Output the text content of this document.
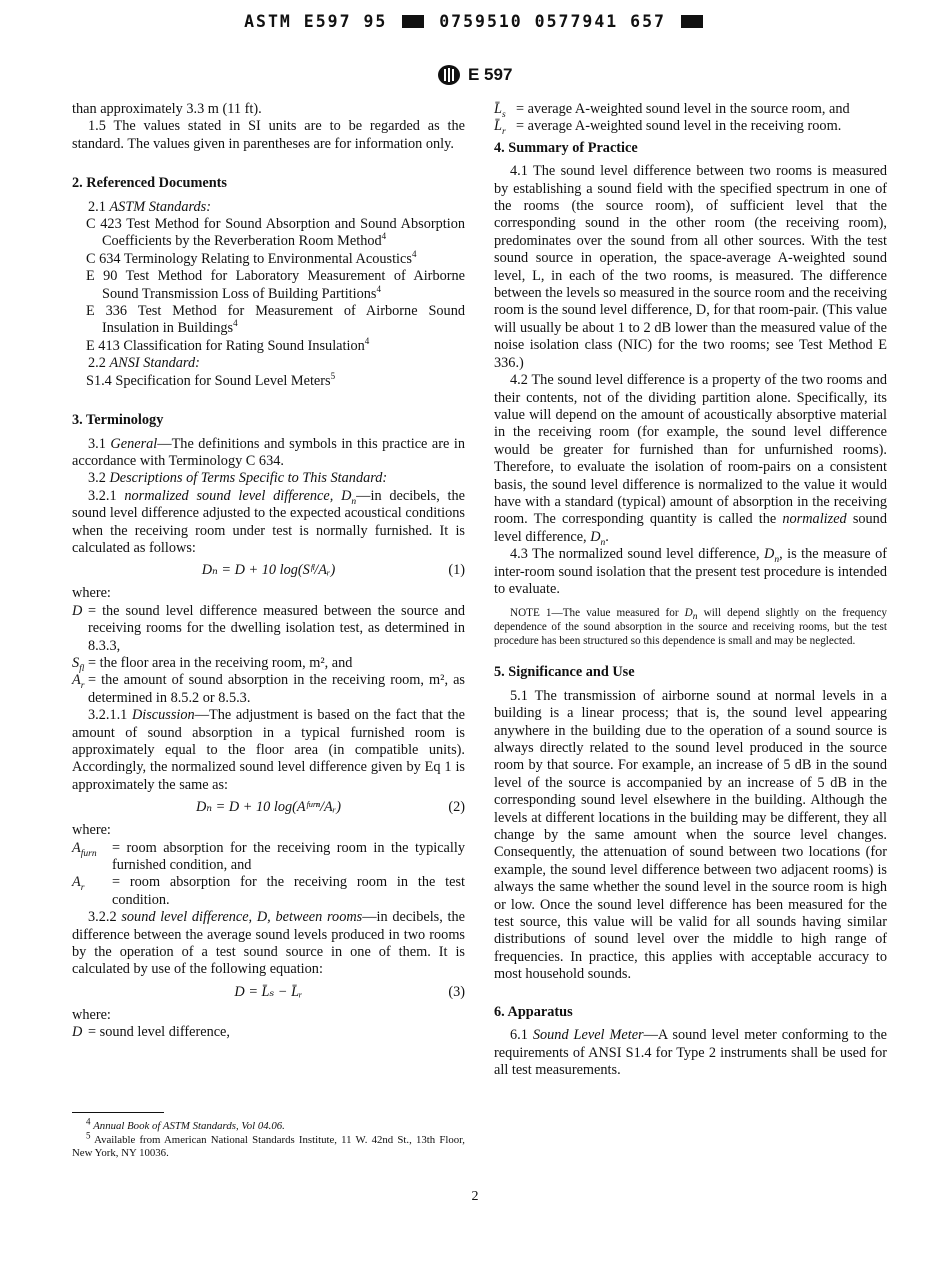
ASTM E597 95	0759510 0577941 657
E 597

than approximately 3.3 m (11 ft).

1.5 The values stated in SI units are to be regarded as the standard. The values given in parentheses are for information only.

2. Referenced Documents

2.1 ASTM Standards:

C 423 Test Method for Sound Absorption and Sound Absorption Coefficients by the Reverberation Room Method$^4$

C 634 Terminology Relating to Environmental Acoustics$^4$

E 90 Test Method for Laboratory Measurement of Airborne Sound Transmission Loss of Building Partitions$^4$

E 336 Test Method for Measurement of Airborne Sound Insulation in Buildings$^4$

E 413 Classification for Rating Sound Insulation$^4$

2.2 ANSI Standard:

S1.4 Specification for Sound Level Meters$^5$

3. Terminology

3.1 General—The definitions and symbols in this practice are in accordance with Terminology C 634.

3.2 Descriptions of Terms Specific to This Standard:

3.2.1 normalized sound level difference, $D_n—in$ decibels, the sound level difference adjusted to the expected acoustical conditions when the receiving room under test is normally furnished. It is calculated as follows:

Dₙ = D + 10 log(Sᶠˡ/Aᵣ)	(1)

where:

D = the sound level difference measured between the source and receiving rooms for the dwelling isolation test, as determined in 8.3.3,
$S_{fl}$ = the floor area in the receiving room, m², and
$A_r$ = the amount of sound absorption in the receiving room, m², as determined in 8.5.2 or 8.5.3.

3.2.1.1 Discussion—The adjustment is based on the fact that the amount of sound absorption in a typical furnished room is approximately equal to the floor area (in compatible units). Accordingly, the normalized sound level difference given by Eq 1 is approximately the same as:

Dₙ = D + 10 log(Aᶠᵘʳⁿ/Aᵣ)	(2)

where:

$A_{furn}$	= room absorption for the receiving room in the typically furnished condition, and
$A_r$	= room absorption for the receiving room in the test condition.

3.2.2 sound level difference, D, between rooms—in decibels, the difference between the average sound levels produced in two rooms by the operation of a test sound source in one of them. It is calculated by use of the following equation:

D = L̄ₛ − L̄ᵣ	(3)

where:

D = sound level difference,

$^4$ Annual Book of ASTM Standards, Vol 04.06.

$^5$ Available from American National Standards Institute, 11 W. 42nd St., 13th Floor, New York, NY 10036.

$L̄_s$ = average A-weighted sound level in the source room, and
$L̄_r$ = average A-weighted sound level in the receiving room.

4. Summary of Practice

4.1 The sound level difference between two rooms is measured by establishing a sound field with the specified spectrum in one of the rooms (the source room), of sufficient level that the corresponding sound in the other room (the receiving room), predominates over the sound from all other sources. With the test sound source in operation, the space-average A-weighted sound level, L, in each of the two rooms, is measured. The difference between the levels so measured in the source room and the receiving room is the sound level difference, D, for that room-pair. (This value will usually be about 1 to 2 dB lower than the measured value of the noise isolation class (NIC) for the two rooms; see Test Method E 336.)

4.2 The sound level difference is a property of the two rooms and their contents, not of the dividing partition alone. Specifically, its value will depend on the amount of acoustically absorptive material in the receiving room (for example, the sound level difference would be greater for furnished than for unfurnished rooms). Therefore, to evaluate the isolation of room-pairs on a consistent basis, the sound level difference is normalized to the value it would have with a standard (typical) amount of absorption in the receiving room. The corresponding quantity is called the normalized sound level difference, $D_n$.

4.3 The normalized sound level difference, $D_n$, is the measure of inter-room sound isolation that the present test procedure is intended to evaluate.

NOTE 1—The value measured for $D_n$ will depend slightly on the frequency dependence of the sound absorption in the source and receiving rooms, but the test procedure has been structured so this dependence is small and may be neglected.

5. Significance and Use

5.1 The transmission of airborne sound at normal levels in a building is a linear process; that is, the sound level appearing anywhere in the building due to the operation of a sound source is always directly related to the sound level produced in the source room by that source. For example, an increase of 5 dB in the sound level of the source is accompanied by an increase of 5 dB in the corresponding sound level elsewhere in the building. Although the levels at different locations in the building may be different, they all change by the same amount when the source level changes. Consequently, the attenuation of sound between two locations (for example, the sound level difference between two adjacent rooms) is always the same whether the sound level in the source room is high or low. Once the sound level difference has been measured for the test source, this value will be valid for all sounds having similar distributions of sound level over the middle to high range of frequencies. In practice, this applies with acceptable accuracy to most household sounds.

6. Apparatus

6.1 Sound Level Meter—A sound level meter conforming to the requirements of ANSI S1.4 for Type 2 instruments shall be used for all test measurements.

2
